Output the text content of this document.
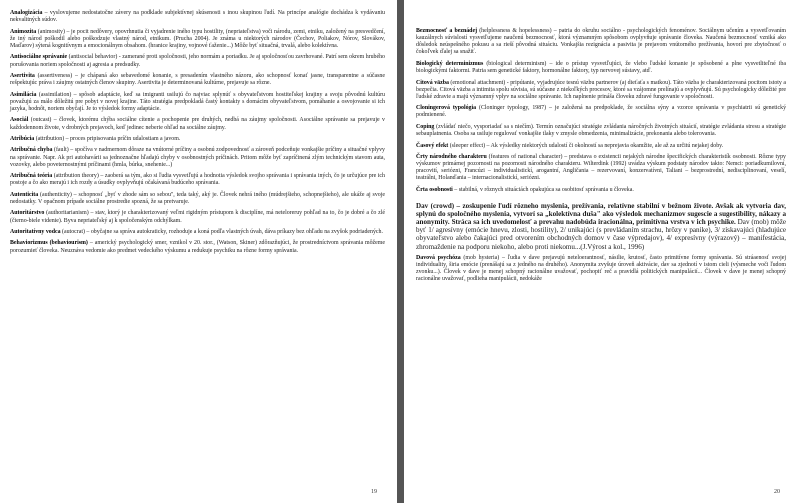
Analogizácia – vyslovujeme nedostatočne závery na podklade subjektívnej skúsenosti s inou skupinou ľudí. Na princípe analógie dochádza k vydávaniu nekvalitných súdov.

Animozita (animosity) – je pocit nedôvery, opovrhnutia či vyjadrenie iného typu hostility, (nepriateľstva) voči národu, zemi, etniku, založený na presvedčení, že iný národ poškodil alebo poškodzuje vlastný národ, etnikum. (Prucha 2004). Je známa u niektorých národov (Čechov, Poliakov, Nórov, Slovákov, Maďarov) sýtená kognitívnym a emocionálnym obsahom. (hranice krajiny, vojnové ťaženie...) Môže byť situačná, trvalá, alebo kolektívna.

Antisociálne správanie (antisocial behavior) - zamerané proti spoločnosti, jeho normám a poriadku. Je aj spoločnosťou zavrhované. Patrí sem okrem hrubého porušovania noriem spoločnosti aj agresia a predsudky.

Asertivita (assertiveness) – je chápaná ako sebavedomé konanie, s presadením vlastného názoru, ako schopnosť konať jasne, transparentne a súčasne rešpektujúc práva i záujmy ostatných členov skupiny. Asertivita je determinovaná kultúrne, prejavuje sa rôzne.

Asimilácia (assimilation) – spôsob adaptácie, keď sa imigranti usilujú čo najviac splynúť s obyvateľstvom hostiteľskej krajiny a svoju pôvodnú kultúru považujú za málo dôležitú pre pobyt v novej krajine. Táto stratégia predpokladá častý kontakty s domácim obyvateľstvom, pomáhanie a osvojovanie si ich jazyka, hodnôt, noriem obyčají. Je to výsledok formy adaptácie.

Asociál (outcast) – človek, ktorému chýba sociálne cítenie a pochopenie pre druhých, nedbá na záujmy spoločnosti. Asociálne správanie sa prejavuje v každodennom živote, v drobných prejavoch, keď jedinec neberie ohľad na sociálne záujmy.

Atribúcia (attribution) – proces pripisovania príčin udalostiam a javom.

Atribučná chyba (fault) – spočíva v nadmernom dôraze na vnútorné príčiny a osobnú zodpovednosť a zároveň podceňuje vonkajšie príčiny a situačné vplyvy na správanie. Napr. Ak pri autohavárii sa jednoznačne hľadajú chyby v osobnostných príčinách. Pritom môže byť zapríčinená zlým technickým stavom auta, vozovky, alebo poveternostnými príčinami (hmla, búrka, snehenie...)

Atribučná teória (attribution theory) – zaoberá sa tým, ako si ľudia vysvetľujú a hodnotia výsledok svojho správania i správania iných, čo je určujúce pre ich postoje a čo ako merajú i ich rozdy a úsudky ovplyvňujú očakávaná budúceho správania.

Autenticita (authenticity) – schopnosť „byť v zhode sám so sebou", teda taký, aký je. Človek nehrá iného (múdrejšieho, schopnejšieho), ale ukáže aj svoje nedostatky. V opačnom prípade sociálne prostredie spozná, že sa pretvaruje.

Autoritárstvo (authoritarianism) – stav, ktorý je charakterizovaný veľmi rigidným prístupom k disciplíne, má neteloreruy pohľad na to, čo je dobré a čo zlé (čierno-biele videnie). Byva nepriateľský aj k spoločenským odchýlkam.

Autoritatívny vodca (autocrat) – obyčajne sa správa autokraticky, rozhoduje a koná podľa vlastných úvah, dáva príkazy bez ohľadu na zvyšok podriadených.

Behaviorizmus (behaviourism) – americký psychologický smer, vznikol v 20. stor., (Watson, Skiner) zdôrazňujúci, že prostredníctvom správania môžeme porozumieť človeka. Neuznáva vedomie ako predmet vedeckého výskumu a redukuje psychiku na rôzne formy správania.

19

Bezmocnosť a beznádej (helplessness & hopelessness) – patria do okruhu sociálno - psychologických fenoménov. Sociálnym učením a vysvetľovaním kauzálnych súvislostí vysvetľujeme naučenú bezmocnosť, ktorá významným spôsobom ovplyvňuje správanie človeka. Naučená bezmocnosť vzniká ako dôsledok neúspešného pokusu a sa rieší pôvodná situáciu. Vonkajšia rezignácia a pasivita je prejavom vnútorného prežívania, hovorí pre zbytočnosť o čokoľvek ďalej sa snažiť.

Biologický determinizmus (biological determinism) – ide o prístup vysvetľujúci, že vlebo ľudské konanie je spôsobené a plne vysvetliteľné iba biologickými faktormi. Patria sem genetické faktory, hormonálne faktory, typ nervovej sústavy, atď.

Citová väzba (emotional attachment) - pripútanie, vyjadrujúce tesnú väzbu partnerov (aj dieťaťa s matkou). Táto väzba je charakterizovaná pocitom istoty a bezpečia. Citová väzba a intimita spolu súvisia, sú súčasne z niekoľkých procesov, ktoré sa vzájomne prelínajú a ovplyvňujú. Sú psychologicky dôležité pre ľudské zdravie a majú významný vplyv na sociálne správanie. Ich naplnenie prináša človeku zdravé fungovanie v spoločnosti.

Cloningerová typológia (Cloninger typology, 1987) – je založená na predpoklade, že sociálna sýny a vzorce správania v psychiatrii sú genetický podmienené.

Coping (zvládať niečo, vysporiadať sa s niečím). Termín označujúci stratégie zvládania náročných životných situácií, stratégie zvládania stresu a stratégie sebauplatnenia. Osoba sa usiluje regulovať vonkajšie tlaky v zmysle obmedzenia, minimalizácie, prekonania alebo tolerovania.

Časový efekt (sleeper effect) – Ak výsledky niektorých udalostí či okolností sa neprejavia okamžite, ale až za určitú nejakej doby.

Črty národného charakteru (features of national character) – predstava o existencii nejakých národne špecifických charakteristík osobnosti. Rôzne typy výskumov primárnej pozornosti na pozornosti národného charakteru. Wilterdink (1992) uvádza výskum podstaty národov takto: Nemci: poriadkumilovní, pracovití, seriózni, Francúzi – individualistickí, arogantní, Angličania – rezervovaní, konzervatívni, Taliani – bezprostrední, nedisciplinovaní, veselí, teatrálni, Holanďania – internacionalistickí, seriózni.

Črta osobnosti – stabilná, v rôznych situáciách opakujúca sa osobitosť správania u človeka.

Dav (crowd) – zoskupenie ľudí rôzneho myslenia, prežívania, relatívne stabilní v bežnom živote. Avšak ak vytvoria dav, splynú do spoločného myslenia, vytvorí sa „kolektívna duša" ako výsledok mechanizmov sugescie a sugestibility, nákazy a anonymity. Strácа sa ich uvedomelosť a prevahu nadobúda iracionálna, primitívna vrstva v ich psychike. Dav (mob) môže byť 1/ agresívny (emócie hnevu, zlosti, hostility), 2/ unikajúci (s prevládaním strachu, hrôzy v panike), 3/ získavajúci (hladujúce obyvateľstvo alebo čakajúci pred otvorením obchodných domov v čase výpredajov), 4/ expresívny (výrazový) – manifestácia, zhromaždenie na podporu niekoho, alebo proti niekomu...(J.Výrost a kol., 1996)

Davová psychóza (mob hysteria) – ľudia v dave prejavujú neteloerantnosť, násilie, krutosť, často primitívne formy správania. Sú stráaenosť svojej individuality, širia emócie (prenášajú sa z jedného na druhého). Anonymita zvyšuje úroveň aktivácie, dav sa zjednotí v istom cieli (výsmeche voči ľudom zvonku...). Človek v dave je menej schopný racionálne uvažovať, pochopiť reč a pravidlá politických manipulácií... Človek v dave je menej schopný racionálne uvažovať, podlieha manipulácii, nedokáže

20
